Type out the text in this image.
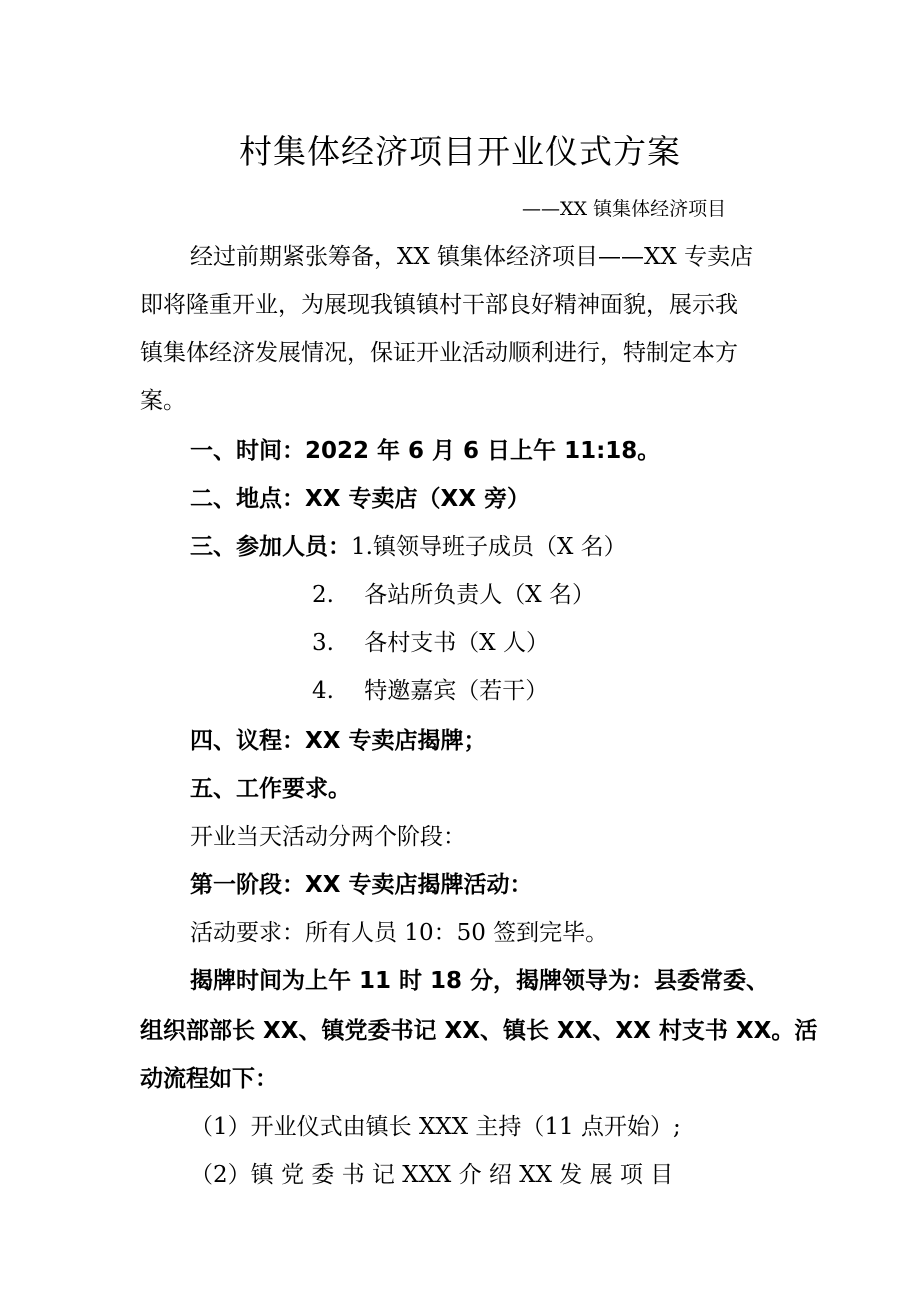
村集体经济项目开业仪式方案
——XX 镇集体经济项目
经过前期紧张筹备，XX 镇集体经济项目——XX 专卖店
即将隆重开业，为展现我镇镇村干部良好精神面貌，展示我
镇集体经济发展情况，保证开业活动顺利进行，特制定本方
案。
一、时间：2022 年 6 月 6 日上午 11:18。
二、地点：XX 专卖店（XX 旁）
三、参加人员：1.镇领导班子成员（X 名）
2.　 各站所负责人（X 名）
3.　 各村支书（X 人）
4.　 特邀嘉宾（若干）
四、议程：XX 专卖店揭牌；
五、工作要求。
开业当天活动分两个阶段：
第一阶段：XX 专卖店揭牌活动：
活动要求：所有人员 10：50 签到完毕。
揭牌时间为上午 11 时 18 分，揭牌领导为：县委常委、
组织部部长 XX、镇党委书记 XX、镇长 XX、XX 村支书 XX。活
动流程如下：
（1）开业仪式由镇长 XXX 主持（11 点开始）;
（2）镇 党 委 书 记 XXX 介 绍 XX 发 展 项 目
